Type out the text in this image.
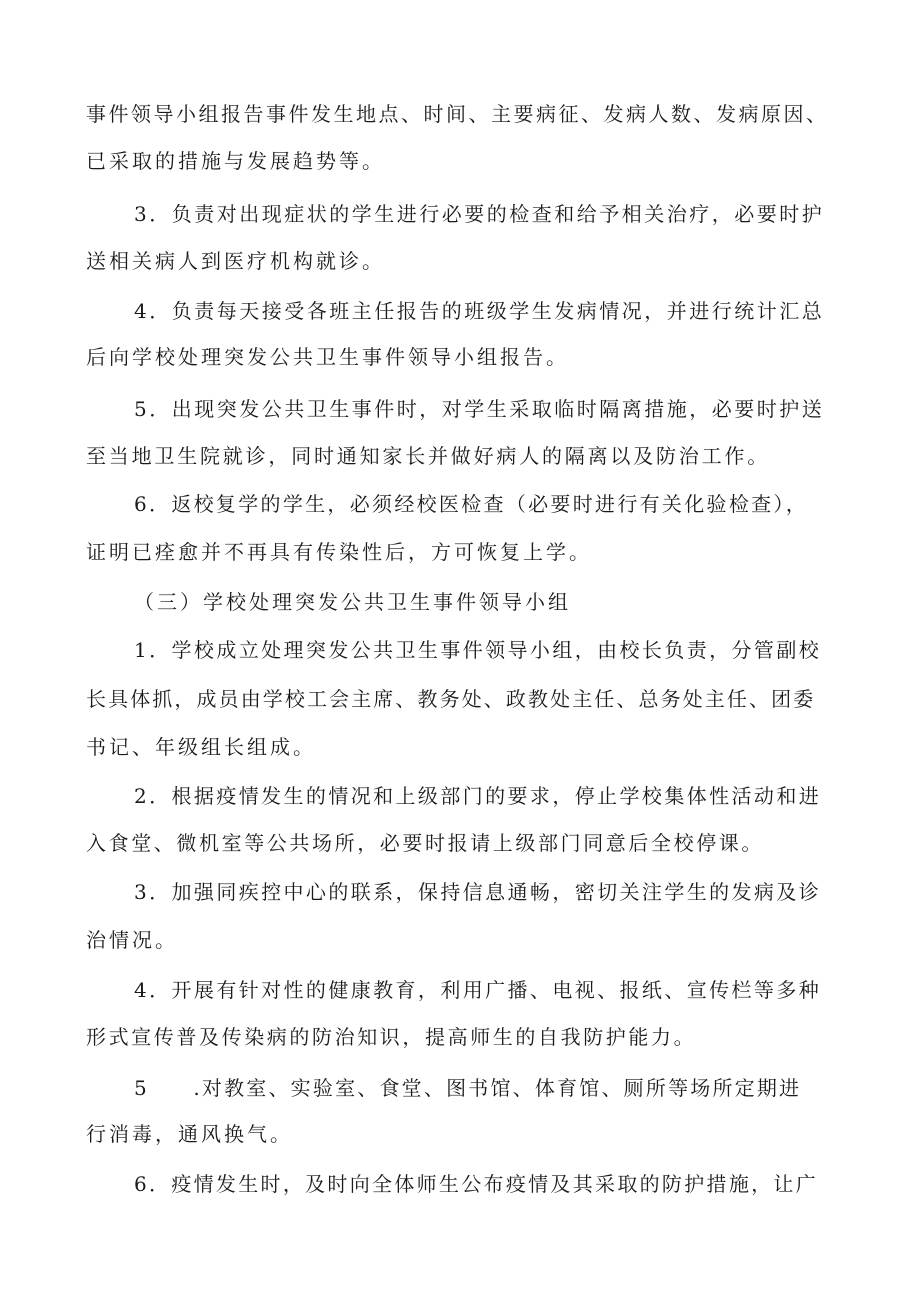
事件领导小组报告事件发生地点、时间、主要病征、发病人数、发病原因、
已采取的措施与发展趋势等。
3．负责对出现症状的学生进行必要的检查和给予相关治疗，必要时护
送相关病人到医疗机构就诊。
4．负责每天接受各班主任报告的班级学生发病情况，并进行统计汇总
后向学校处理突发公共卫生事件领导小组报告。
5．出现突发公共卫生事件时，对学生采取临时隔离措施，必要时护送
至当地卫生院就诊，同时通知家长并做好病人的隔离以及防治工作。
6．返校复学的学生，必须经校医检查（必要时进行有关化验检查），
证明已痊愈并不再具有传染性后，方可恢复上学。
（三）学校处理突发公共卫生事件领导小组
1．学校成立处理突发公共卫生事件领导小组，由校长负责，分管副校
长具体抓，成员由学校工会主席、教务处、政教处主任、总务处主任、团委
书记、年级组长组成。
2．根据疫情发生的情况和上级部门的要求，停止学校集体性活动和进
入食堂、微机室等公共场所，必要时报请上级部门同意后全校停课。
3．加强同疾控中心的联系，保持信息通畅，密切关注学生的发病及诊
治情况。
4．开展有针对性的健康教育，利用广播、电视、报纸、宣传栏等多种
形式宣传普及传染病的防治知识，提高师生的自我防护能力。
5　　.对教室、实验室、食堂、图书馆、体育馆、厕所等场所定期进
行消毒，通风换气。
6．疫情发生时，及时向全体师生公布疫情及其采取的防护措施，让广
